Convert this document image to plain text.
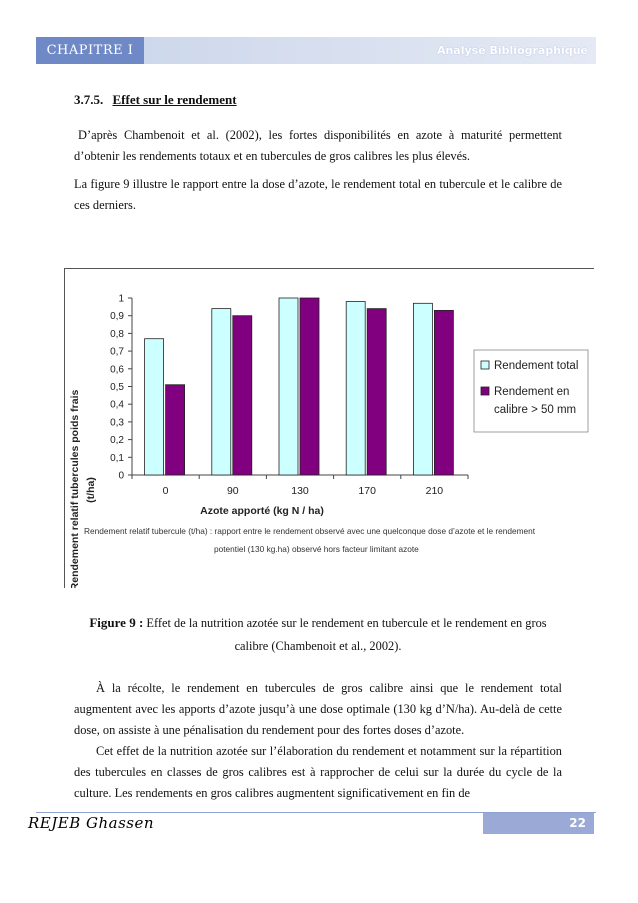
CHAPITRE I	Analyse Bibliographique
3.7.5. Effet sur le rendement
D’après Chambenoit et al. (2002), les fortes disponibilités en azote à maturité permettent d’obtenir les rendements totaux et en tubercules de gros calibres les plus élevés.
La figure 9 illustre le rapport entre la dose d’azote, le rendement total en tubercule et le calibre de ces derniers.
Rendement relatif tubercules poids frais (t/ha)
Azote apporté (kg N / ha)
Rendement relatif tubercule (t/ha) : rapport entre le rendement observé avec une quelconque dose d’azote et le rendement
potentiel (130 kg.ha) observé hors facteur limitant azote
0
0,1
0,2
0,3
0,4
0,5
0,6
0,7
0,8
0,9
1
0	90	130	170	210
Rendement total
Rendement en
calibre > 50 mm
Figure 9 : Effet de la nutrition azotée sur le rendement en tubercule et le rendement en gros calibre (Chambenoit et al., 2002).
À la récolte, le rendement en tubercules de gros calibre ainsi que le rendement total augmentent avec les apports d’azote jusqu’à une dose optimale (130 kg d’N/ha). Au-delà de cette dose, on assiste à une pénalisation du rendement pour des fortes doses d’azote.
Cet effet de la nutrition azotée sur l’élaboration du rendement et notamment sur la répartition des tubercules en classes de gros calibres est à rapprocher de celui sur la durée du cycle de la culture. Les rendements en gros calibres augmentent significativement en fin de
REJEB Ghassen	22
